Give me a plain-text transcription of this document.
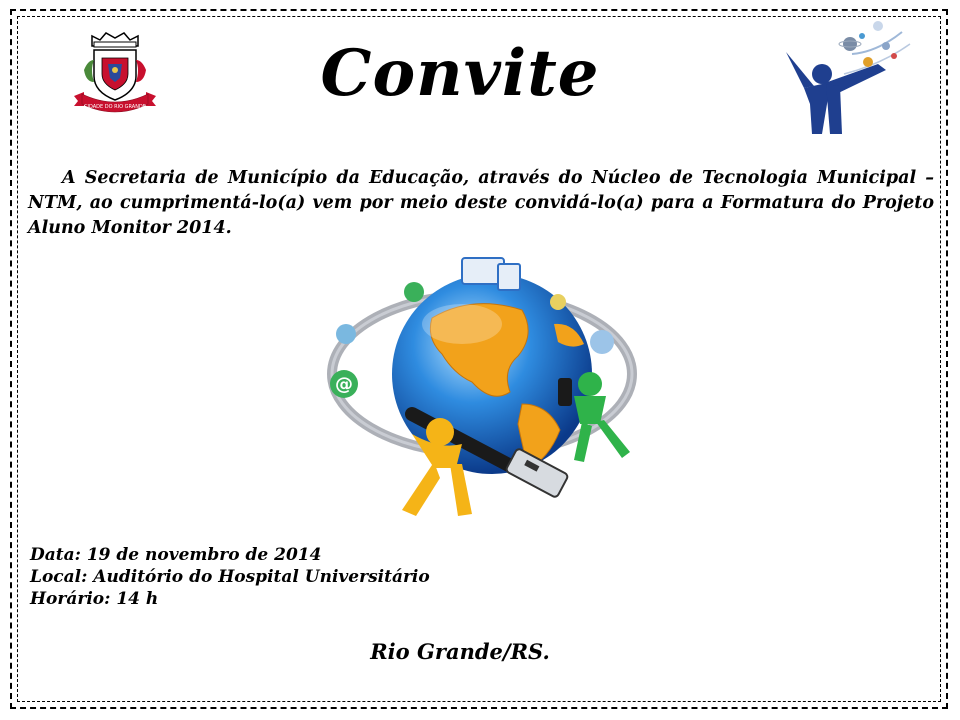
CIDADE DO RIO GRANDE	Convite
A Secretaria de Município da Educação, através do Núcleo de Tecnologia Municipal – NTM, ao cumprimentá-lo(a) vem por meio deste convidá-lo(a) para a Formatura do Projeto Aluno Monitor 2014.
@
Data: 19 de novembro de 2014
Local: Auditório do Hospital Universitário
Horário: 14 h
Rio Grande/RS.
